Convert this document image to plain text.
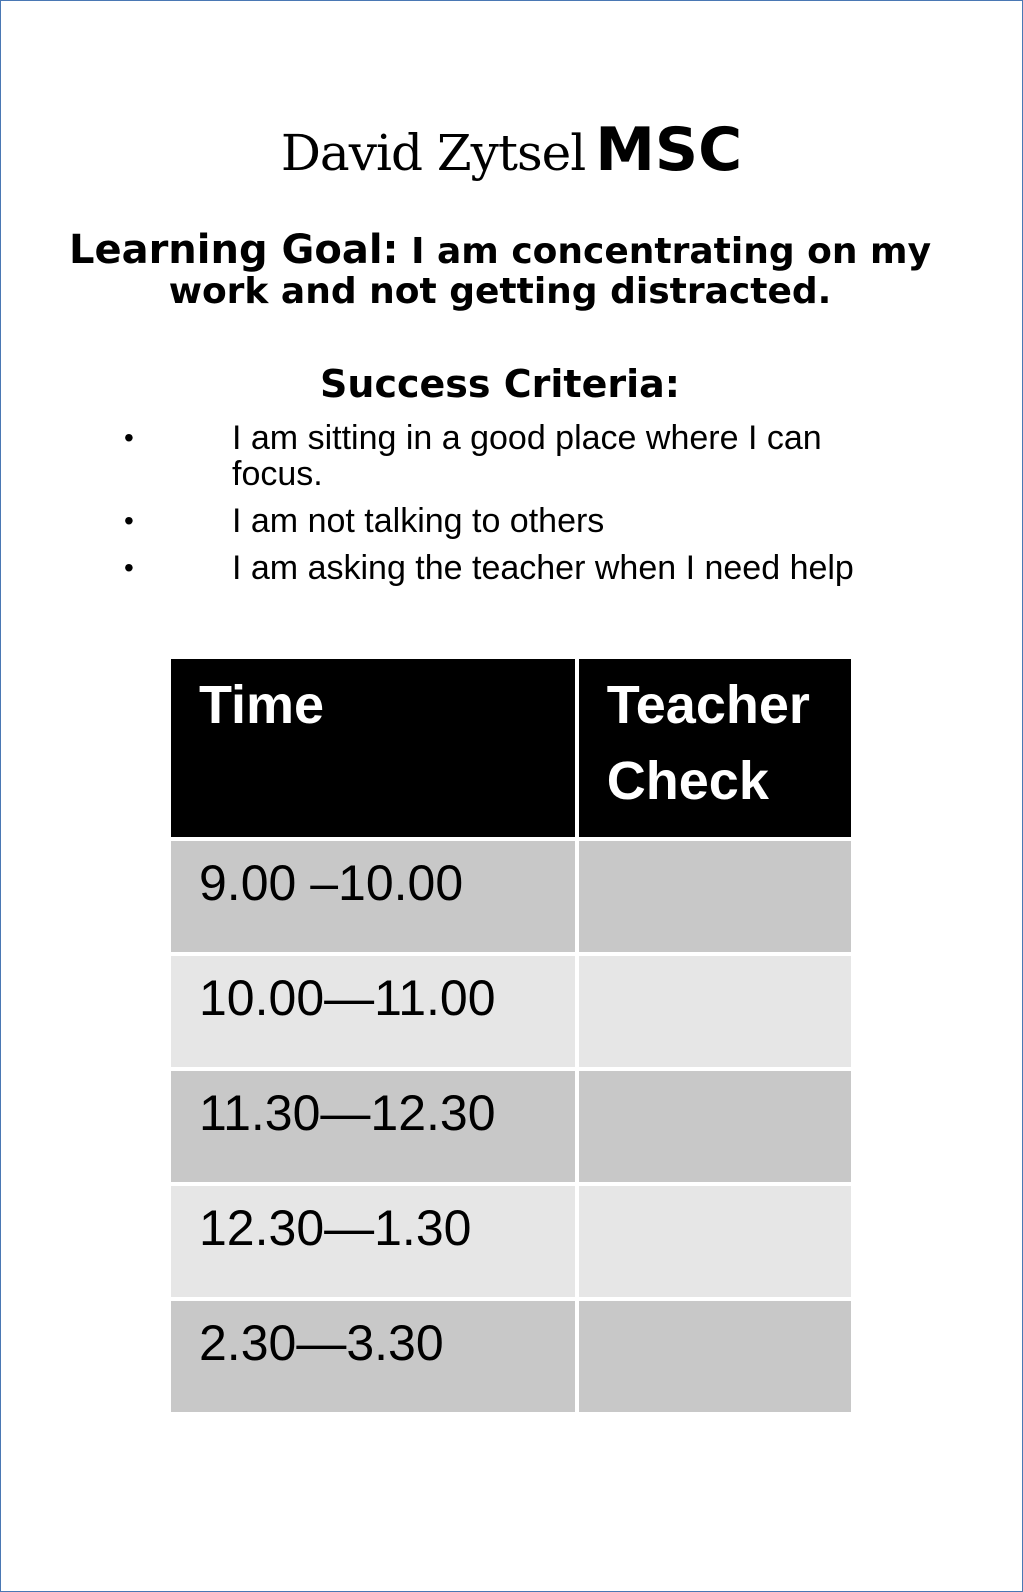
David Zytsel MSC
Learning Goal: I am concentrating on my work and not getting distracted.
Success Criteria:
•	I am sitting in a good place where I can focus.
•	I am not talking to others
•	I am asking the teacher when I need help
Time	Teacher Check
9.00 –10.00	
10.00—11.00	
11.30—12.30	
12.30—1.30	
2.30—3.30	
